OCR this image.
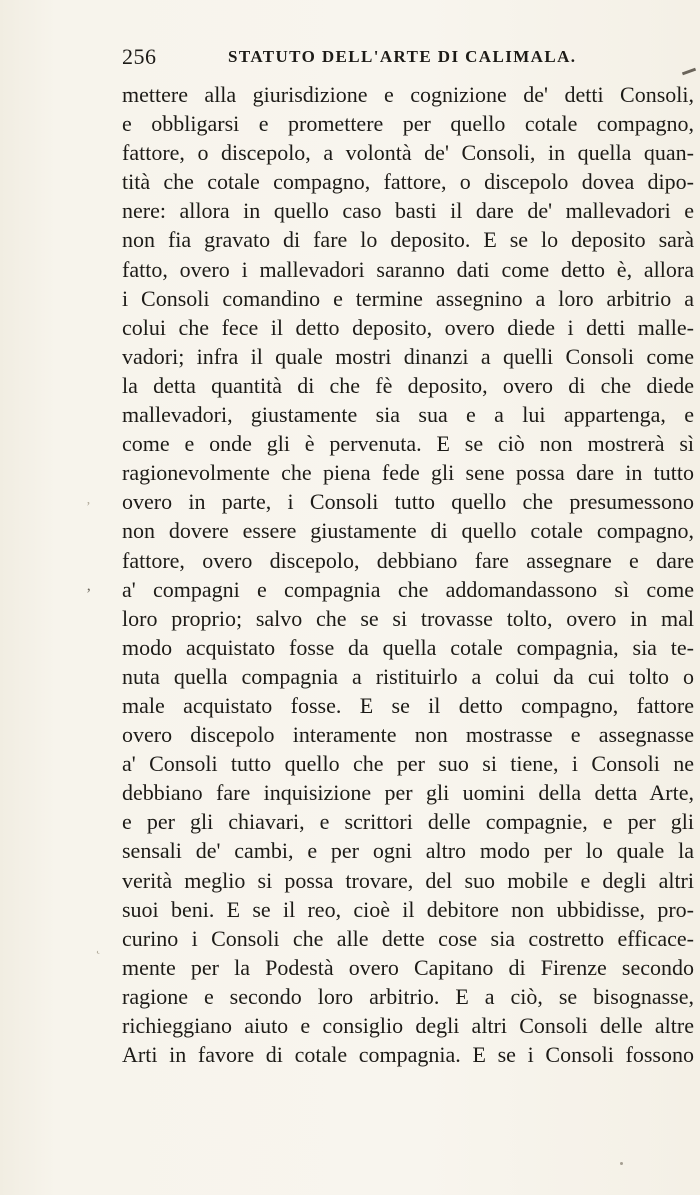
256	STATUTO DELL'ARTE DI CALIMALA.
mettere alla giurisdizione e cognizione de' detti Consoli,
e obbligarsi e promettere per quello cotale compagno,
fattore, o discepolo, a volontà de' Consoli, in quella quan-
tità che cotale compagno, fattore, o discepolo dovea dipo-
nere: allora in quello caso basti il dare de' mallevadori e
non fia gravato di fare lo deposito. E se lo deposito sarà
fatto, overo i mallevadori saranno dati come detto è, allora
i Consoli comandino e termine assegnino a loro arbitrio a
colui che fece il detto deposito, overo diede i detti malle-
vadori; infra il quale mostri dinanzi a quelli Consoli come
la detta quantità di che fè deposito, overo di che diede
mallevadori, giustamente sia sua e a lui appartenga, e
come e onde gli è pervenuta. E se ciò non mostrerà sì
ragionevolmente che piena fede gli sene possa dare in tutto
overo in parte, i Consoli tutto quello che presumessono
non dovere essere giustamente di quello cotale compagno,
fattore, overo discepolo, debbiano fare assegnare e dare
a' compagni e compagnia che addomandassono sì come
loro proprio; salvo che se si trovasse tolto, overo in mal
modo acquistato fosse da quella cotale compagnia, sia te-
nuta quella compagnia a ristituirlo a colui da cui tolto o
male acquistato fosse. E se il detto compagno, fattore
overo discepolo interamente non mostrasse e assegnasse
a' Consoli tutto quello che per suo si tiene, i Consoli ne
debbiano fare inquisizione per gli uomini della detta Arte,
e per gli chiavari, e scrittori delle compagnie, e per gli
sensali de' cambi, e per ogni altro modo per lo quale la
verità meglio si possa trovare, del suo mobile e degli altri
suoi beni. E se il reo, cioè il debitore non ubbidisse, pro-
curino i Consoli che alle dette cose sia costretto efficace-
mente per la Podestà overo Capitano di Firenze secondo
ragione e secondo loro arbitrio. E a ciò, se bisognasse,
richieggiano aiuto e consiglio degli altri Consoli delle altre
Arti in favore di cotale compagnia. E se i Consoli fossono
ʼ
ʼ
˛
